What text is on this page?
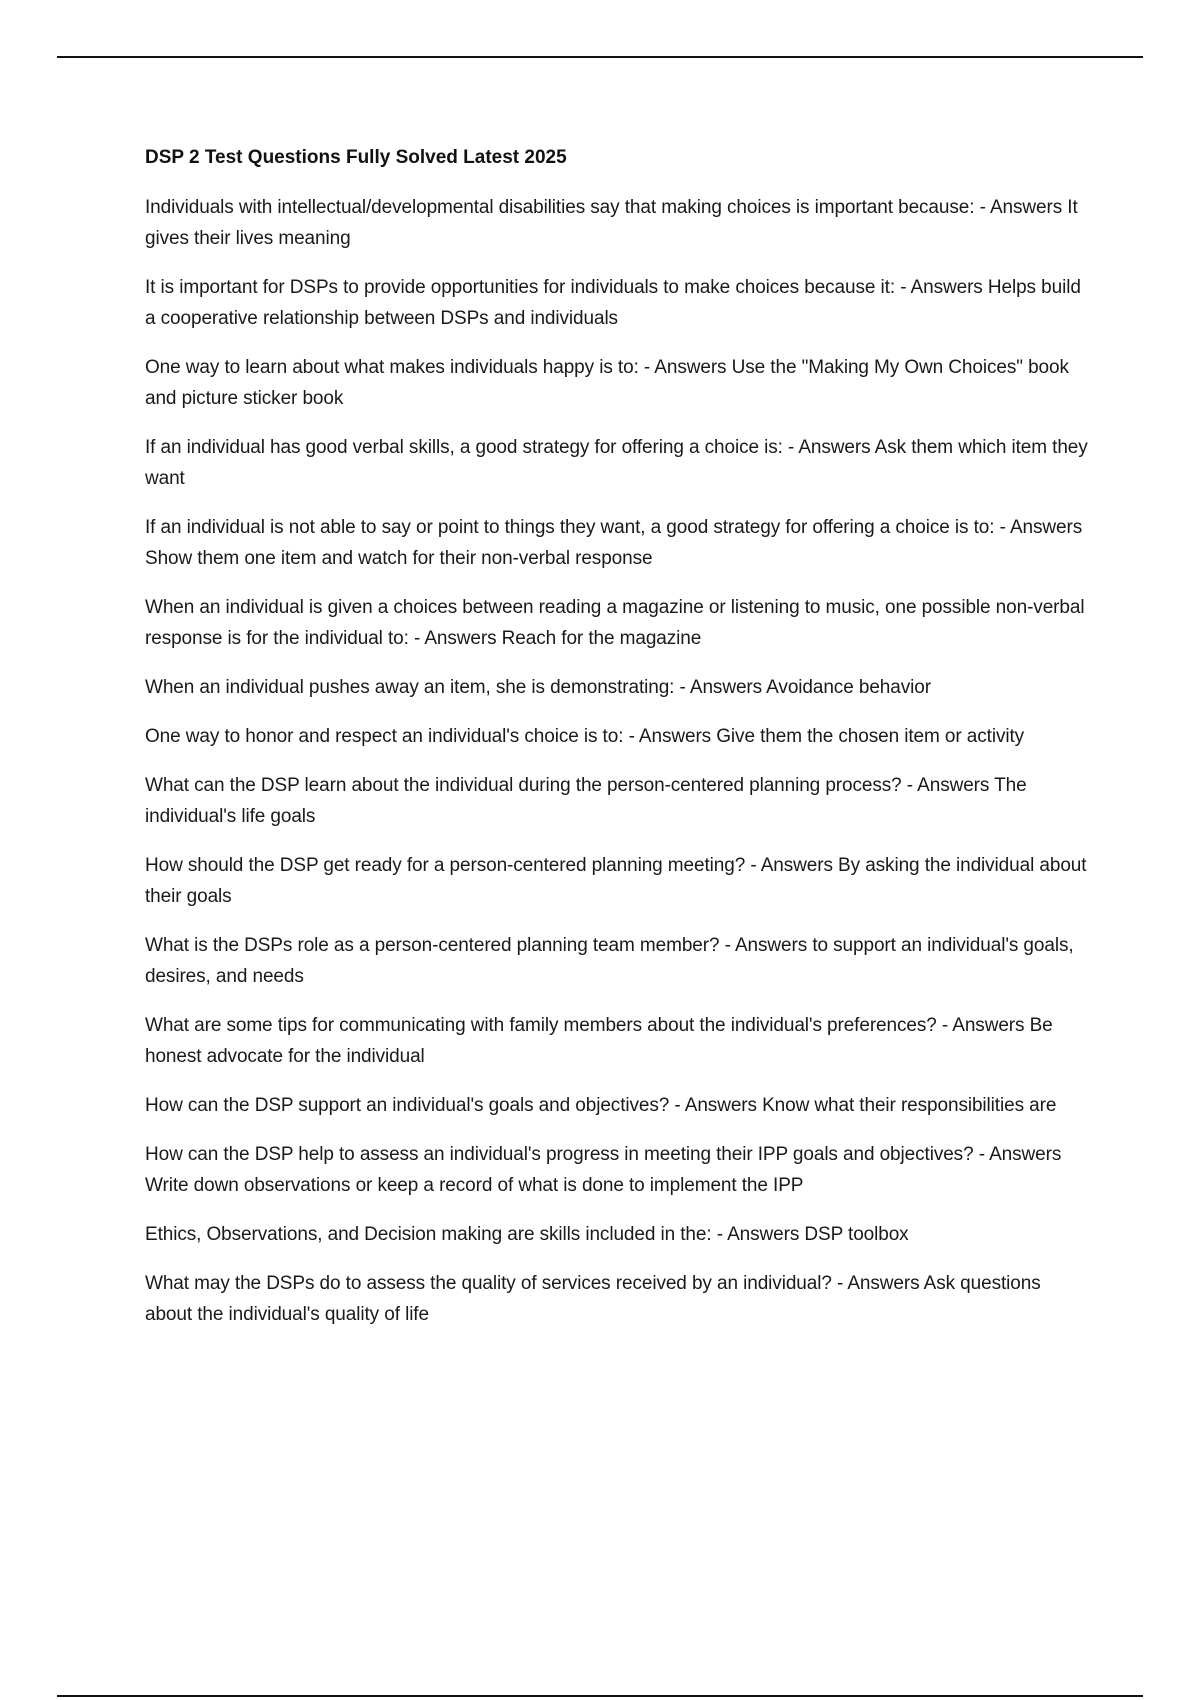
DSP 2 Test Questions Fully Solved Latest 2025

Individuals with intellectual/developmental disabilities say that making choices is important because: - Answers It gives their lives meaning

It is important for DSPs to provide opportunities for individuals to make choices because it: - Answers Helps build a cooperative relationship between DSPs and individuals

One way to learn about what makes individuals happy is to: - Answers Use the "Making My Own Choices" book and picture sticker book

If an individual has good verbal skills, a good strategy for offering a choice is: - Answers Ask them which item they want

If an individual is not able to say or point to things they want, a good strategy for offering a choice is to: - Answers Show them one item and watch for their non-verbal response

When an individual is given a choices between reading a magazine or listening to music, one possible non-verbal response is for the individual to: - Answers Reach for the magazine

When an individual pushes away an item, she is demonstrating: - Answers Avoidance behavior

One way to honor and respect an individual's choice is to: - Answers Give them the chosen item or activity

What can the DSP learn about the individual during the person-centered planning process? - Answers The individual's life goals

How should the DSP get ready for a person-centered planning meeting? - Answers By asking the individual about their goals

What is the DSPs role as a person-centered planning team member? - Answers to support an individual's goals, desires, and needs

What are some tips for communicating with family members about the individual's preferences? - Answers Be honest advocate for the individual

How can the DSP support an individual's goals and objectives? - Answers Know what their responsibilities are

How can the DSP help to assess an individual's progress in meeting their IPP goals and objectives? - Answers Write down observations or keep a record of what is done to implement the IPP

Ethics, Observations, and Decision making are skills included in the: - Answers DSP toolbox

What may the DSPs do to assess the quality of services received by an individual? - Answers Ask questions about the individual's quality of life
